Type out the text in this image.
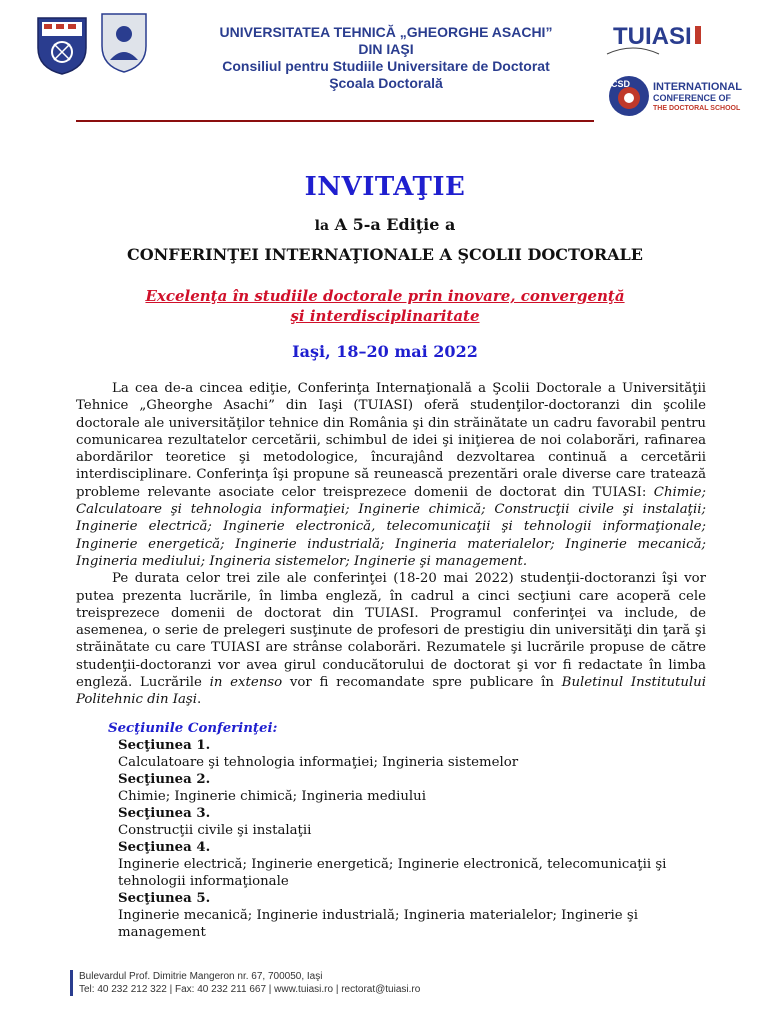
UNIVERSITATEA TEHNICĂ „GHEORGHE ASACHI”
DIN IAŞI
Consiliul pentru Studiile Universitare de Doctorat
Şcoala Doctorală
TUIASI
CSD INTERNATIONAL
CONFERENCE OF
THE DOCTORAL SCHOOL
INVITAŢIE
la A 5-a Ediţie a
CONFERINŢEI INTERNAŢIONALE A ŞCOLII DOCTORALE
Excelenţa în studiile doctorale prin inovare, convergenţă
şi interdisciplinaritate
Iaşi, 18–20 mai 2022

La cea de-a cincea ediţie, Conferinţa Internaţională a Şcolii Doctorale a Universităţii Tehnice „Gheorghe Asachi” din Iaşi (TUIASI) oferă studenţilor-doctoranzi din şcolile doctorale ale universităţilor tehnice din România şi din străinătate un cadru favorabil pentru comunicarea rezultatelor cercetării, schimbul de idei şi iniţierea de noi colaborări, rafinarea abordărilor teoretice şi metodologice, încurajând dezvoltarea continuă a cercetării interdisciplinare. Conferinţa îşi propune să reunească prezentări orale diverse care tratează probleme relevante asociate celor treisprezece domenii de doctorat din TUIASI: Chimie; Calculatoare şi tehnologia informaţiei; Inginerie chimică; Construcţii civile şi instalaţii; Inginerie electrică; Inginerie electronică, telecomunicaţii şi tehnologii informaţionale; Inginerie energetică; Inginerie industrială; Ingineria materialelor; Inginerie mecanică; Ingineria mediului; Ingineria sistemelor; Inginerie şi management.

Pe durata celor trei zile ale conferinţei (18-20 mai 2022) studenţii-doctoranzi îşi vor putea prezenta lucrările, în limba engleză, în cadrul a cinci secţiuni care acoperă cele treisprezece domenii de doctorat din TUIASI. Programul conferinţei va include, de asemenea, o serie de prelegeri susţinute de profesori de prestigiu din universităţi din ţară şi străinătate cu care TUIASI are strânse colaborări. Rezumatele şi lucrările propuse de către studenţii-doctoranzi vor avea girul conducătorului de doctorat şi vor fi redactate în limba engleză. Lucrările in extenso vor fi recomandate spre publicare în Buletinul Institutului Politehnic din Iaşi.

Secţiunile Conferinţei:
Secţiunea 1.
Calculatoare şi tehnologia informaţiei; Ingineria sistemelor
Secţiunea 2.
Chimie; Inginerie chimică; Ingineria mediului
Secţiunea 3.
Construcţii civile şi instalaţii
Secţiunea 4.
Inginerie electrică; Inginerie energetică; Inginerie electronică, telecomunicaţii şi tehnologii informaţionale
Secţiunea 5.
Inginerie mecanică; Inginerie industrială; Ingineria materialelor; Inginerie şi management
Bulevardul Prof. Dimitrie Mangeron nr. 67, 700050, Iaşi
Tel: 40 232 212 322 | Fax: 40 232 211 667 | www.tuiasi.ro | rectorat@tuiasi.ro
